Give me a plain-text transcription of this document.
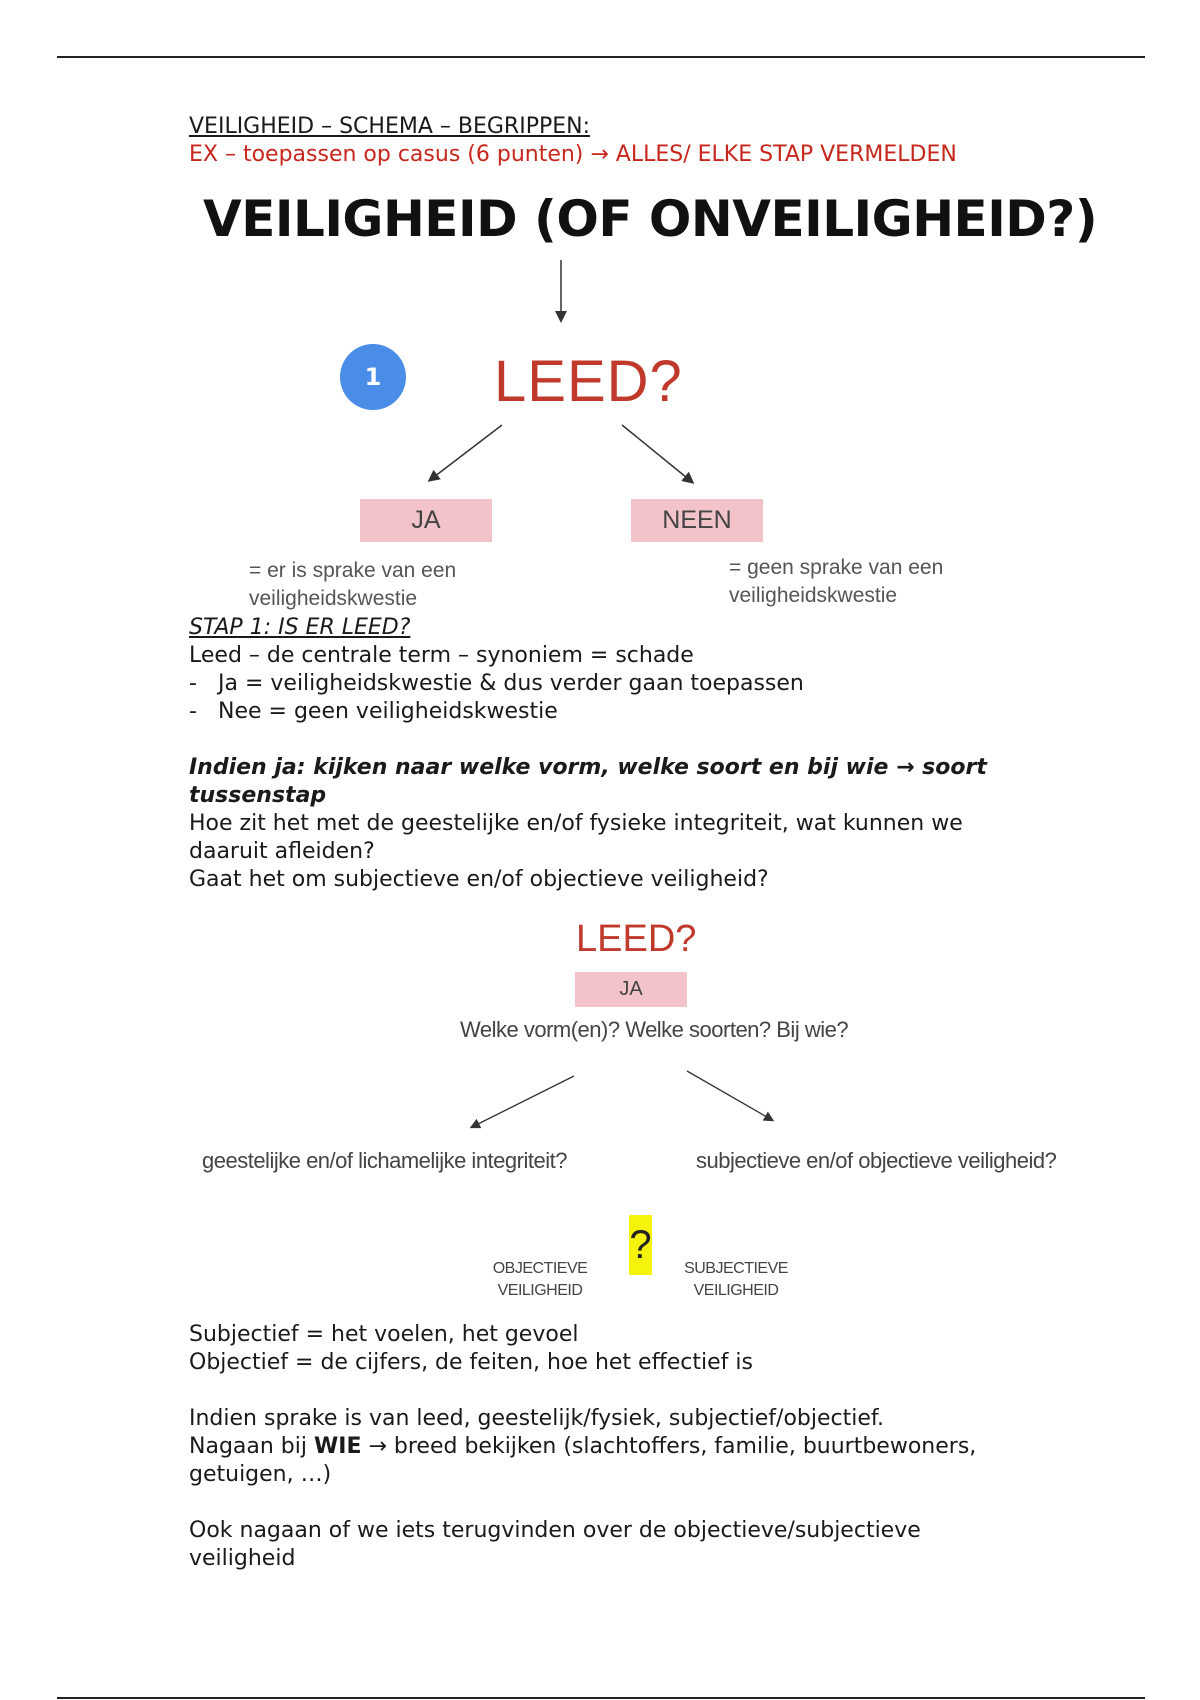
VEILIGHEID – SCHEMA – BEGRIPPEN:
EX – toepassen op casus (6 punten) → ALLES/ ELKE STAP VERMELDEN
VEILIGHEID (OF ONVEILIGHEID?)
1	LEED?
JA	NEEN
= er is sprake van een
veiligheidskwestie
= geen sprake van een
veiligheidskwestie
STAP 1: IS ER LEED?
Leed – de centrale term – synoniem = schade
- Ja = veiligheidskwestie & dus verder gaan toepassen
- Nee = geen veiligheidskwestie
Indien ja: kijken naar welke vorm, welke soort en bij wie → soort
tussenstap
Hoe zit het met de geestelijke en/of fysieke integriteit, wat kunnen we
daaruit afleiden?
Gaat het om subjectieve en/of objectieve veiligheid?
LEED?
JA
Welke vorm(en)? Welke soorten? Bij wie?
geestelijke en/of lichamelijke integriteit?	subjectieve en/of objectieve veiligheid?
OBJECTIEVE
VEILIGHEID
?
SUBJECTIEVE
VEILIGHEID
Subjectief = het voelen, het gevoel
Objectief = de cijfers, de feiten, hoe het effectief is
Indien sprake is van leed, geestelijk/fysiek, subjectief/objectief.
Nagaan bij WIE → breed bekijken (slachtoffers, familie, buurtbewoners,
getuigen, …)
Ook nagaan of we iets terugvinden over de objectieve/subjectieve
veiligheid
